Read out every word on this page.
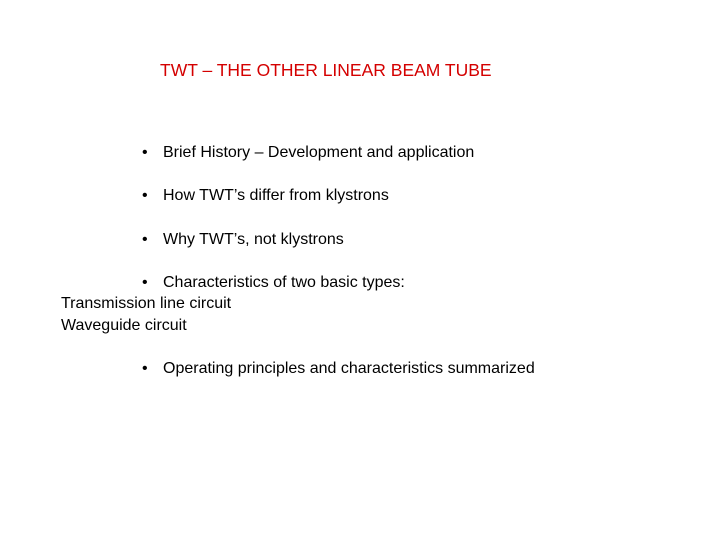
TWT – THE OTHER LINEAR BEAM TUBE
• Brief History – Development and application
• How TWT’s differ from klystrons
• Why TWT’s, not klystrons
• Characteristics of two basic types:
Transmission line circuit
Waveguide circuit
• Operating principles and characteristics summarized
